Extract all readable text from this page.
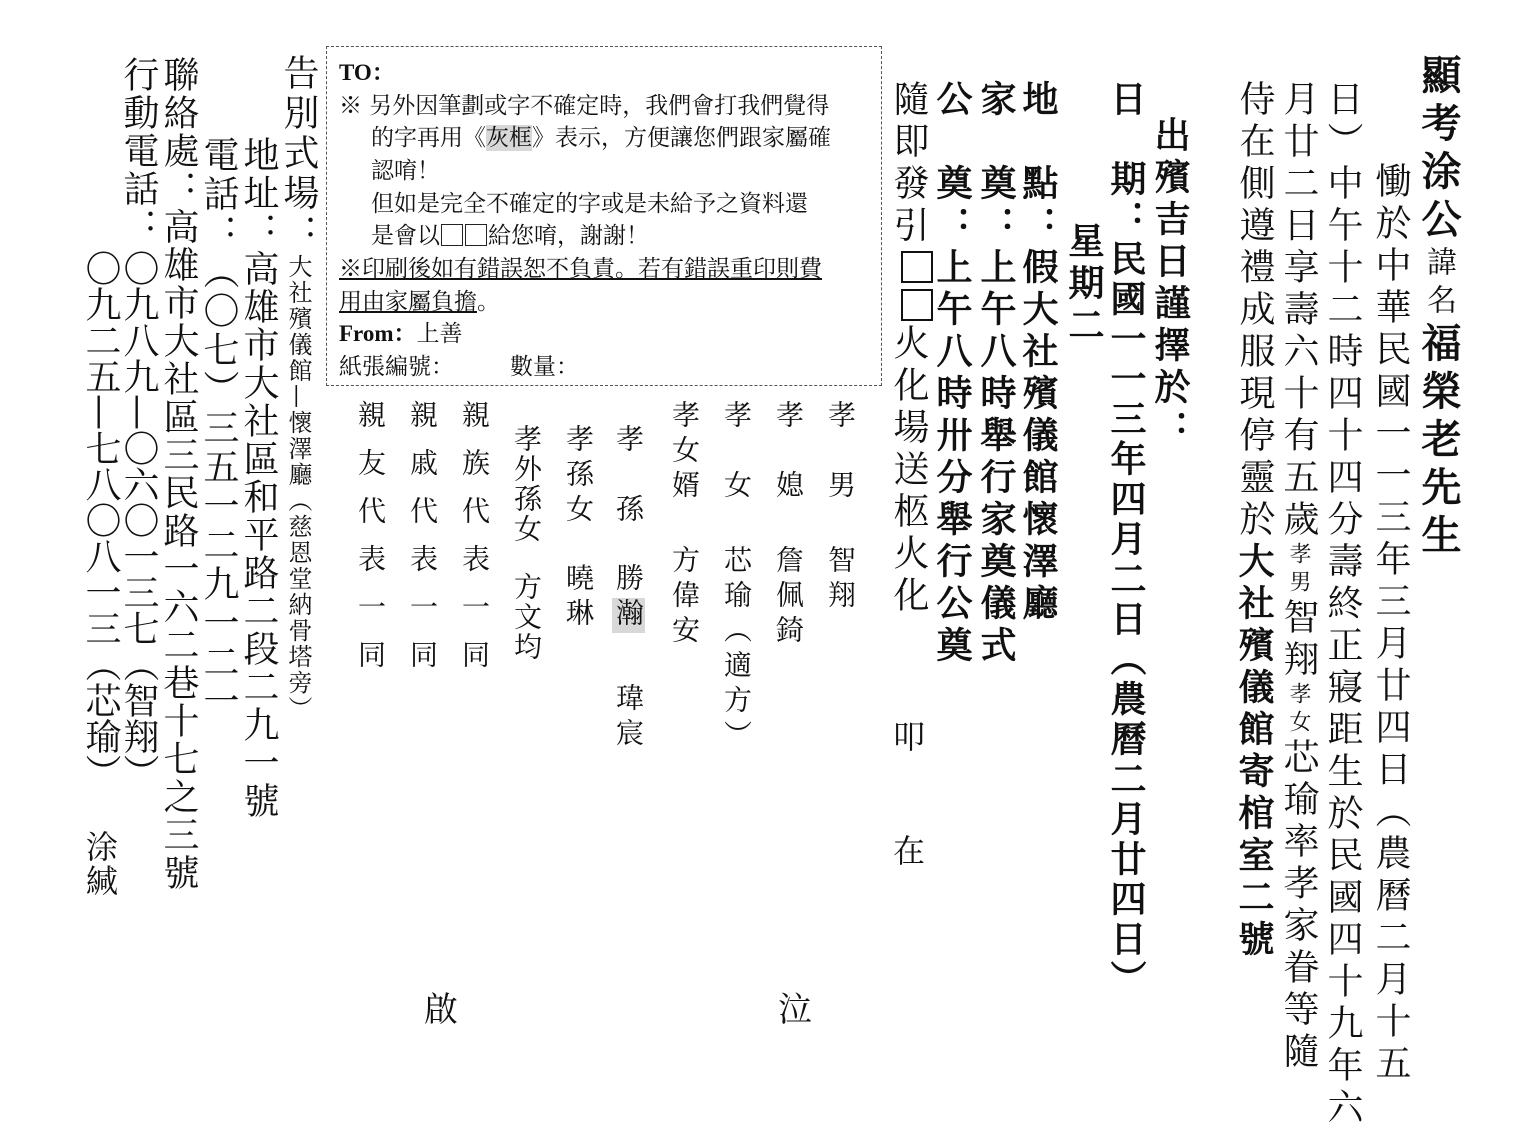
顯考涂公諱名福榮老先生
慟於中華民國一一三年三月廿四日（農曆二月十五
日）中午十二時四十四分壽終正寢距生於民國四十九年六
月廿二日享壽六十有五歲孝男智翔孝女芯瑜率孝家眷等隨
侍在側遵禮成服現停靈於大社殯儀館寄棺室二號
出殯吉日謹擇於：
日　期：民國一一三年四月二日（農曆二月廿四日）
星期二
地　點：假大社殯儀館懷澤廳
家　奠：上午八時舉行家奠儀式
公　奠：上午八時卅分舉行公奠
隨即發引火化場送柩火化
叩
在
孝　男智翔
孝　媳詹佩錡
孝　女芯瑜（適方）
孝女婿方偉安
孝　孫勝瀚瑋宸
孝孫女曉琳
孝外孫女方文均
親族代表一同
親戚代表一同
親友代表一同
告別式場：大社殯儀館—懷澤廳（慈恩堂納骨塔旁）
地址：高雄市大社區和平路二段二九一號
電話：（〇七）三五一二九一二一
聯絡處：高雄市大社區三民路一六二巷十七之三號
行動電話：
〇九八九—〇六〇一三七（智翔）
〇九二五—七八〇八一三（芯瑜）
涂緘
啟	泣
TO：
※ 另外因筆劃或字不確定時，我們會打我們覺得
的字再用《灰框》表示，方便讓您們跟家屬確
認唷！
但如是完全不確定的字或是未給予之資料還
是會以 給您唷，謝謝！
※印刷後如有錯誤恕不負責。若有錯誤重印則費
用由家屬負擔。
From：上善
紙張編號： 數量：
